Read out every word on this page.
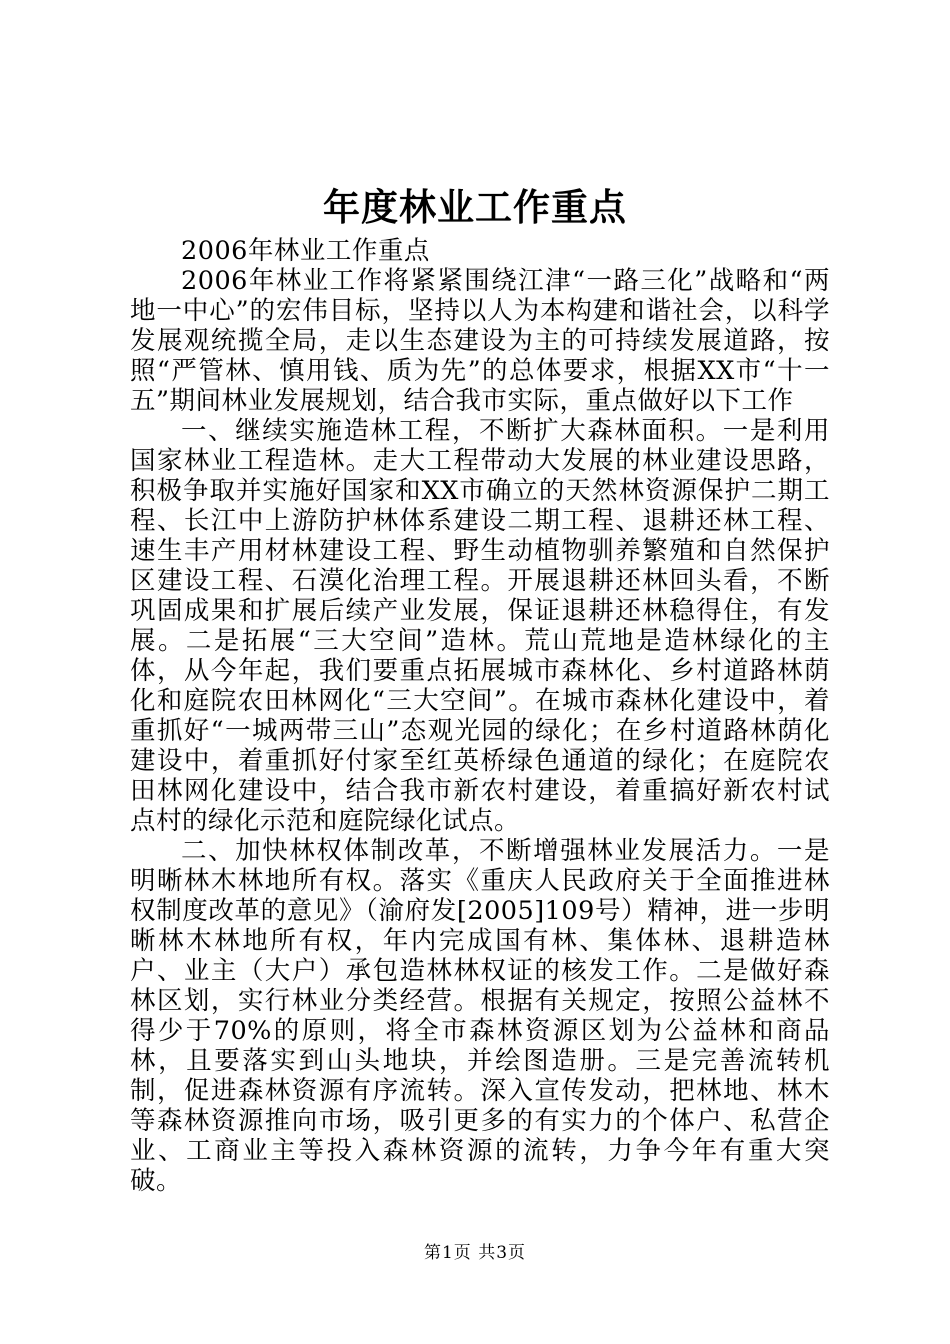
年度林业工作重点

2006年林业工作重点

2006年林业工作将紧紧围绕江津“一路三化”战略和“两地一中心”的宏伟目标，坚持以人为本构建和谐社会，以科学发展观统揽全局，走以生态建设为主的可持续发展道路，按照“严管林、慎用钱、质为先”的总体要求，根据XX市“十一五”期间林业发展规划，结合我市实际，重点做好以下工作

一、继续实施造林工程，不断扩大森林面积。一是利用国家林业工程造林。走大工程带动大发展的林业建设思路，积极争取并实施好国家和XX市确立的天然林资源保护二期工程、长江中上游防护林体系建设二期工程、退耕还林工程、速生丰产用材林建设工程、野生动植物驯养繁殖和自然保护区建设工程、石漠化治理工程。开展退耕还林回头看，不断巩固成果和扩展后续产业发展，保证退耕还林稳得住，有发展。二是拓展“三大空间”造林。荒山荒地是造林绿化的主体，从今年起，我们要重点拓展城市森林化、乡村道路林荫化和庭院农田林网化“三大空间”。在城市森林化建设中，着重抓好“一城两带三山”态观光园的绿化；在乡村道路林荫化建设中，着重抓好付家至红英桥绿色通道的绿化；在庭院农田林网化建设中，结合我市新农村建设，着重搞好新农村试点村的绿化示范和庭院绿化试点。

二、加快林权体制改革，不断增强林业发展活力。一是明晰林木林地所有权。落实《重庆人民政府关于全面推进林权制度改革的意见》（渝府发[2005]109号）精神，进一步明晰林木林地所有权，年内完成国有林、集体林、退耕造林户、业主（大户）承包造林林权证的核发工作。二是做好森林区划，实行林业分类经营。根据有关规定，按照公益林不得少于70%的原则，将全市森林资源区划为公益林和商品林，且要落实到山头地块，并绘图造册。三是完善流转机制，促进森林资源有序流转。深入宣传发动，把林地、林木等森林资源推向市场，吸引更多的有实力的个体户、私营企业、工商业主等投入森林资源的流转，力争今年有重大突破。

第1页 共3页
